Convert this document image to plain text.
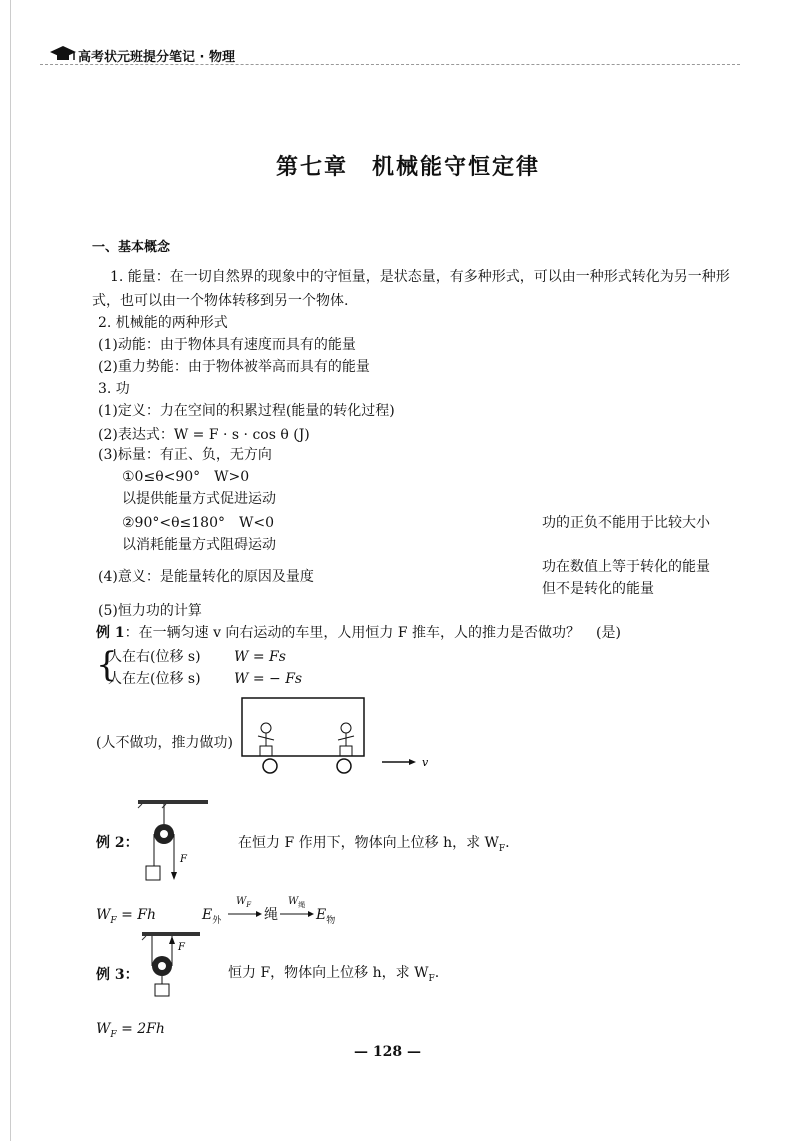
高考状元班提分笔记 · 物理
第七章　机械能守恒定律
一、基本概念
1. 能量：在一切自然界的现象中的守恒量，是状态量，有多种形式，可以由一种形式转化为另一种形
式，也可以由一个物体转移到另一个物体.
2. 机械能的两种形式
(1)动能：由于物体具有速度而具有的能量
(2)重力势能：由于物体被举高而具有的能量
3. 功
(1)定义：力在空间的积累过程(能量的转化过程)
(2)表达式：W = F · s · cos θ (J)
(3)标量：有正、负，无方向
①0≤θ<90°　W>0
以提供能量方式促进运动
②90°<θ≤180°　W<0
以消耗能量方式阻碍运动
功的正负不能用于比较大小
(4)意义：是能量转化的原因及量度
功在数值上等于转化的能量
但不是转化的能量
(5)恒力功的计算
例 1：在一辆匀速 v 向右运动的车里，人用恒力 F 推车，人的推力是否做功？ (是)
{
人在右(位移 s) W = Fs
人在左(位移 s) W = − Fs
(人不做功，推力做功)
v
F
例 2：	在恒力 F 作用下，物体向上位移 h，求 $W_F$.
$W_F = Fh$	$E_外$
$W_F$
绳
$W_绳$
$E_物$
F
例 3：	恒力 F，物体向上位移 h，求 $W_F$.
$W_F = 2Fh$
— 128 —
